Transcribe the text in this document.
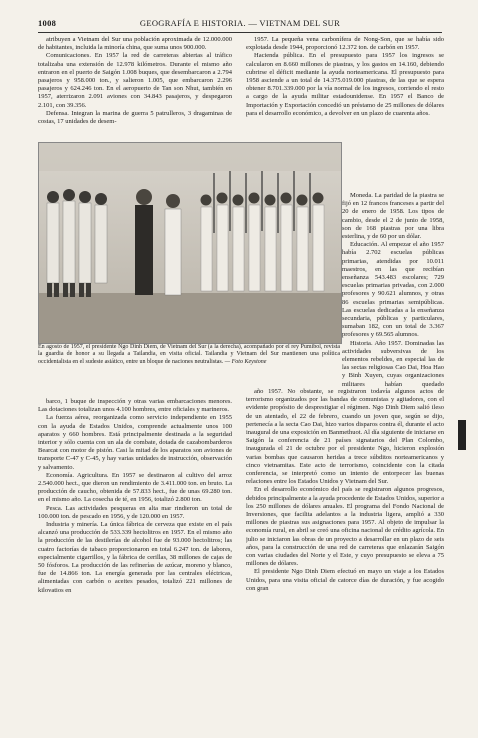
1008	GEOGRAFÍA E HISTORIA. — VIETNAM DEL SUR

atribuyen a Vietnam del Sur una población aproximada de 12.000.000 de habitantes, incluida la minoría china, que suma unos 900.000.

Comunicaciones. En 1957 la red de carreteras abiertas al tráfico totalizaba una extensión de 12.978 kilómetros. Durante el mismo año entraron en el puerto de Saigón 1.008 buques, que desembarcaron a 2.794 pasajeros y 958.000 ton., y salieron 1.005, que embarcaron 2.296 pasajeros y 624.246 ton. En el aeropuerto de Tan son Nhut, también en 1957, aterrizaron 2.091 aviones con 34.843 pasajeros, y despegaron 2.101, con 39.356.

Defensa. Integran la marina de guerra 5 patrulleros, 3 dragaminas de costas, 17 unidades de desem-

En agosto de 1957, el presidente Ngo Dinh Diem, de Vietnam del Sur (a la derecha), acompañado por el rey Pumibol, revista la guardia de honor a su llegada a Tailandia, en visita oficial. Tailandia y Vietnam del Sur mantienen una política occidentalista en el sudeste asiático, entre un bloque de naciones neutralistas. — Foto Keystone

barco, 1 buque de inspección y otras varias embarcaciones menores. Las dotaciones totalizan unos 4.100 hombres, entre oficiales y marineros.

La fuerza aérea, reorganizada como servicio independiente en 1955 con la ayuda de Estados Unidos, comprende actualmente unos 100 aparatos y 660 hombres. Está principalmente destinada a la seguridad interior y sólo cuenta con un ala de combate, dotada de cazabombarderos Bearcat con motor de pistón. Casi la mitad de los aparatos son aviones de transporte C-47 y C-45, y hay varias unidades de instrucción, observación y salvamento.

Economía. Agricultura. En 1957 se destinaron al cultivo del arroz 2.540.000 hect., que dieron un rendimiento de 3.411.000 ton. en bruto. La producción de caucho, obtenida de 57.833 hect., fue de unas 69.280 ton. en el mismo año. La cosecha de té, en 1956, totalizó 2.800 ton.

Pesca. Las actividades pesqueras en alta mar rindieron un total de 100.000 ton. de pescado en 1956, y de 120.000 en 1957.

Industria y minería. La única fábrica de cerveza que existe en el país alcanzó una producción de 533.339 hectolitros en 1957. En el mismo año la producción de las destilerías de alcohol fue de 93.000 hectolitros; las cuatro factorías de tabaco proporcionaron en total 6.247 ton. de labores, especialmente cigarrillos, y la fábrica de cerillas, 38 millones de cajas de 50 fósforos. La producción de las refinerías de azúcar, moreno y blanco, fue de 14.866 ton. La energía generada por las centrales eléctricas, alimentadas con carbón o aceites pesados, totalizó 221 millones de kilovatios en

1957. La pequeña vena carbonífera de Nong-Son, que se había sido explotada desde 1944, proporcionó 12.372 ton. de carbón en 1957.

Hacienda pública. En el presupuesto para 1957 los ingresos se calcularon en 8.660 millones de piastras, y los gastos en 14.160, debiendo cubrirse el déficit mediante la ayuda norteamericana. El presupuesto para 1958 asciende a un total de 14.375.019.000 piastras, de las que se espera obtener 8.701.339.000 por la vía normal de los ingresos, corriendo el resto a cargo de la ayuda militar estadounidense. En 1957 el Banco de Importación y Exportación concedió un préstamo de 25 millones de dólares para el desarrollo económico, a devolver en un plazo de cuarenta años.

Moneda. La paridad de la piastra se fijó en 12 francos franceses a partir del 20 de enero de 1958. Los tipos de cambio, desde el 2 de junio de 1958, son de 168 piastras por una libra esterlina, y de 60 por un dólar.

Educación. Al empezar el año 1957 había 2.702 escuelas públicas primarias, atendidas por 10.011 maestros, en las que recibían enseñanza 543.483 escolares; 729 escuelas primarias privadas, con 2.000 profesores y 90.621 alumnos, y otras 86 escuelas primarias semipúblicas. Las escuelas dedicadas a la enseñanza secundaria, públicas y particulares, sumaban 182, con un total de 3.367 profesores y 69.565 alumnos.

Historia. Año 1957. Dominadas las actividades subversivas de los elementos rebeldes, en especial las de las sectas religiosas Cao Dai, Hoa Hao y Binh Xuyen, cuyas organizaciones militares habían quedado

año 1957. No obstante, se registraron todavía algunos actos de terrorismo organizados por las bandas de comunistas y agitadores, con el evidente propósito de desprestigiar el régimen. Ngo Dinh Diem salió ileso de un atentado, el 22 de febrero, cuando un joven que, según se dijo, pertenecía a la secta Cao Dai, hizo varios disparos contra él, durante el acto inaugural de una exposición en Banmethuot. Al día siguiente de iniciarse en Saigón la conferencia de 21 países signatarios del Plan Colombo, inaugurada el 21 de octubre por el presidente Ngo, hicieron explosión varias bombas que causaron heridas a trece súbditos norteamericanos y cinco vietnamitas. Este acto de terrorismo, coincidente con la citada conferencia, se interpretó como un intento de entorpecer las buenas relaciones entre los Estados Unidos y Vietnam del Sur.

En el desarrollo económico del país se registraron algunos progresos, debidos principalmente a la ayuda procedente de Estados Unidos, superior a los 250 millones de dólares anuales. El programa del Fondo Nacional de Inversiones, que facilita adelantos a la industria ligera, amplió a 330 millones de piastras sus asignaciones para 1957. Al objeto de impulsar la economía rural, en abril se creó una oficina nacional de crédito agrícola. En julio se iniciaron las obras de un proyecto a desarrollar en un plazo de seis años, para la construcción de una red de carreteras que enlazarán Saigón con varias ciudades del Norte y el Este, y cuyo presupuesto se eleva a 75 millones de dólares.

El presidente Ngo Dinh Diem efectuó en mayo un viaje a los Estados Unidos, para una visita oficial de catorce días de duración, y fue acogido con gran
